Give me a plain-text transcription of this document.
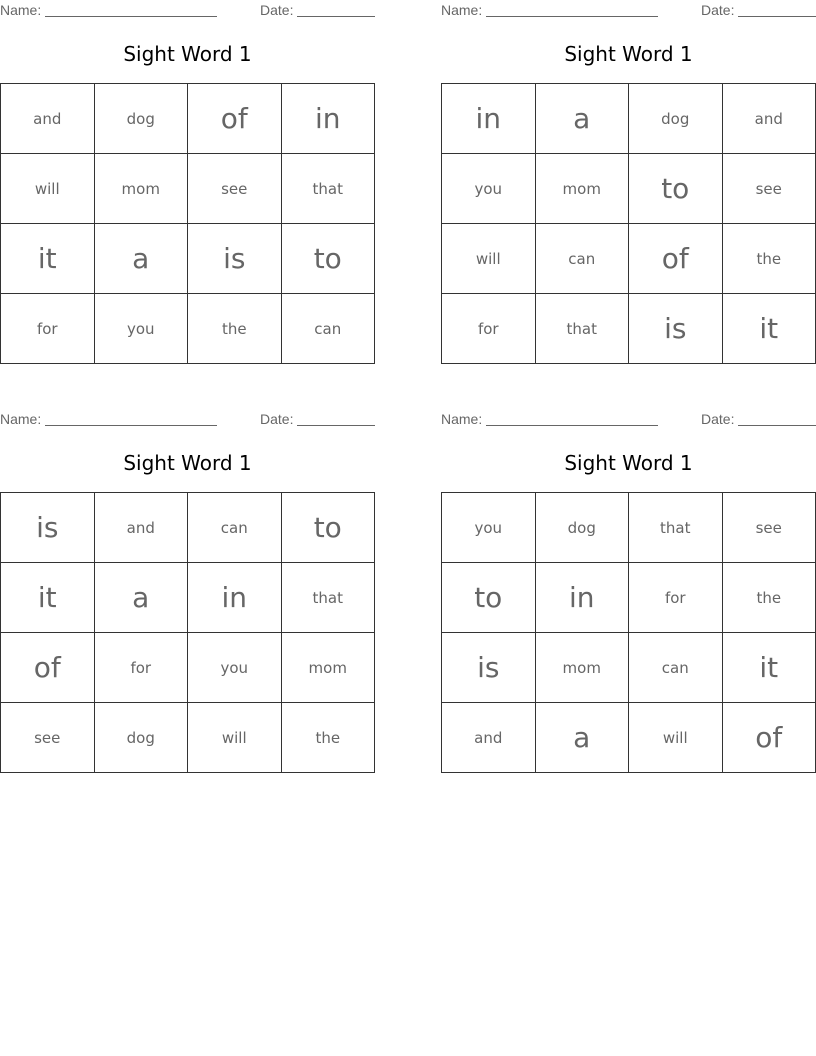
Name:	Date:
Sight Word 1
and	dog	of	in
will	mom	see	that
it	a	is	to
for	you	the	can
Name:	Date:
Sight Word 1
in	a	dog	and
you	mom	to	see
will	can	of	the
for	that	is	it
Name:	Date:
Sight Word 1
is	and	can	to
it	a	in	that
of	for	you	mom
see	dog	will	the
Name:	Date:
Sight Word 1
you	dog	that	see
to	in	for	the
is	mom	can	it
and	a	will	of
